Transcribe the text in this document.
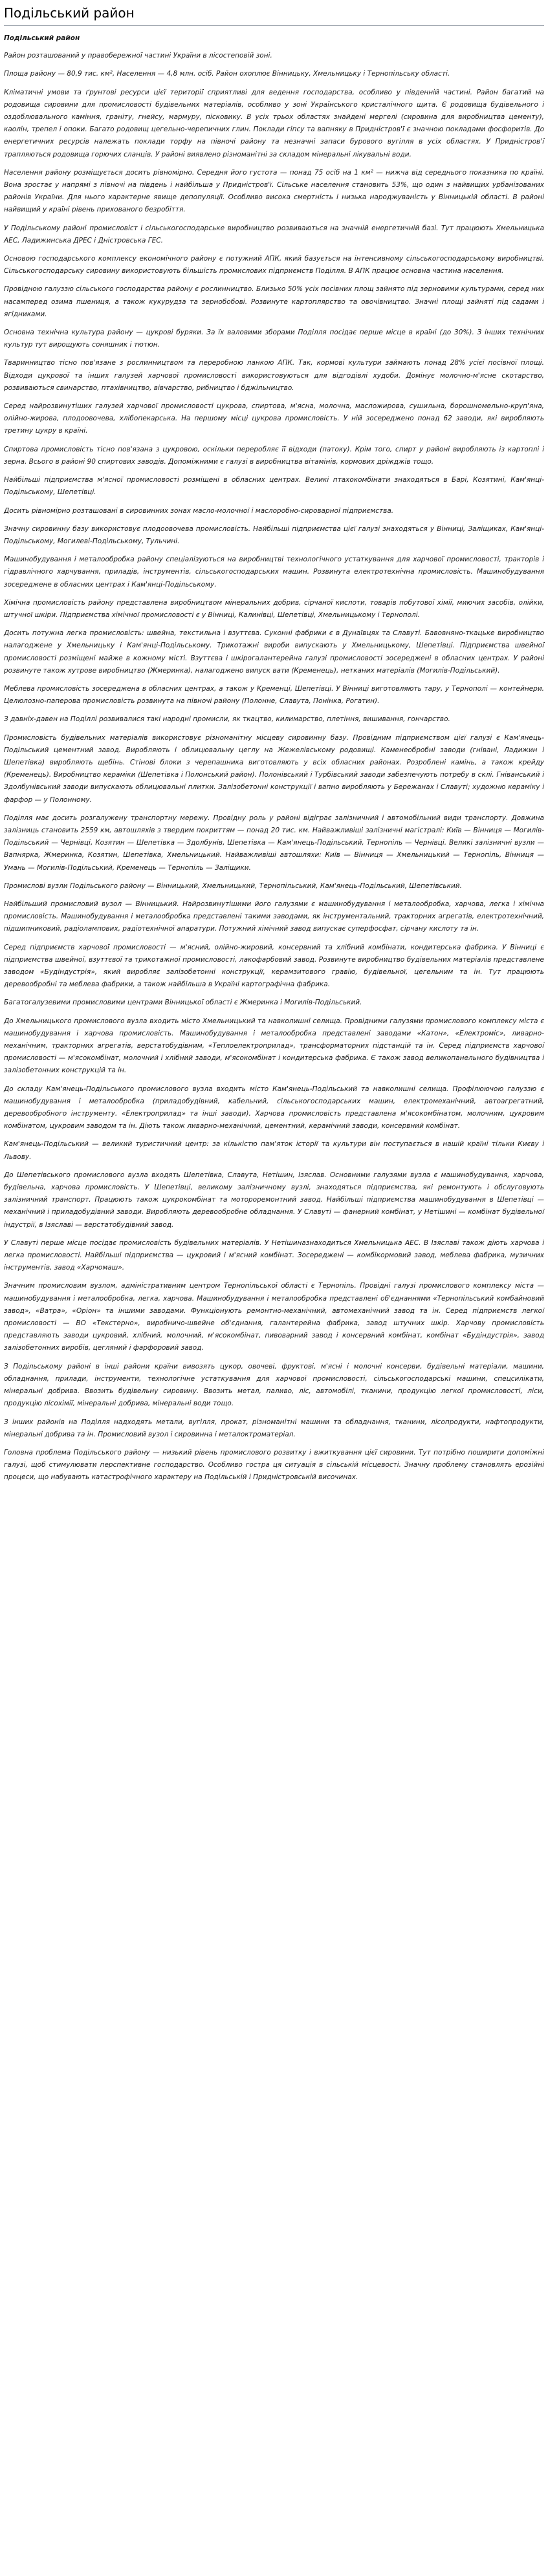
Подільський район
Подільський район

Район розташований у правобережної частині України в лісостеповій зоні.

Площа району — 80,9 тис. км², Населення — 4,8 млн. осіб. Район охоплює Вінницьку, Хмельницьку і Тернопільську області.

Кліматичні умови та ґрунтові ресурси цієї території сприятливі для ведення господарства, особливо у південній частині. Район багатий на родовища сировини для промисловості будівельних матеріалів, особливо у зоні Українського кристалічного щита. Є родовища будівельного і оздоблювального каміння, граніту, гнейсу, мармуру, пісковику. В усіх трьох областях знайдені мергелі (сировина для виробництва цементу), каолін, трепел і опоки. Багато родовищ цегельно-черепичних глин. Поклади гіпсу та вапняку в Придністров'ї є значною покладами фосфоритів. До енергетичних ресурсів належать поклади торфу на півночі району та незначні запаси бурового вугілля в усіх областях. У Придністров'ї трапляються родовища горючих сланців. У районі виявлено різноманітні за складом мінеральні лікувальні води.

Населення району розміщується досить рівномірно. Середня його густота — понад 75 осіб на 1 км² — нижча від середнього показника по країні. Вона зростає у напрямі з півночі на південь і найбільша у Придністров'ї. Сільське населення становить 53%, що один з найвищих урбанізованих районів України. Для нього характерне явище депопуляції. Особливо висока смертність і низька народжуваність у Вінницькій області. В районі найвищий у країні рівень прихованого безробіття.

У Подільському районі промисловіст і сільськогосподарське виробництво розвиваються на значній енергетичній базі. Тут працюють Хмельницька АЕС, Ладижинська ДРЕС і Дністровська ГЕС.

Основою господарського комплексу економічного району є потужний АПК, який базується на інтенсивному сільськогосподарському виробництві. Сільськогосподарську сировину використовують більшість промислових підприємств Поділля. В АПК працює основна частина населення.

Провідною галуззю сільського господарства району є рослинництво. Близько 50% усіх посівних площ зайнято під зерновими культурами, серед них насамперед озима пшениця, а також кукурудза та зернобобові. Розвинуте картоплярство та овочівництво. Значні площі зайняті під садами і ягідниками.

Основна технічна культура району — цукрові буряки. За їх валовими зборами Поділля посідає перше місце в країні (до 30%). З інших технічних культур тут вирощують соняшник і тютюн.

Тваринництво тісно пов'язане з рослинництвом та переробною ланкою АПК. Так, кормові культури займають понад 28% усієї посівної площі. Відходи цукрової та інших галузей харчової промисловості використовуються для відгодівлі худоби. Домінує молочно-м'ясне скотарство, розвиваються свинарство, птахівництво, вівчарство, рибництво і бджільництво.

Серед найрозвинутіших галузей харчової промисловості цукрова, спиртова, м'ясна, молочна, масложирова, сушильна, борошномельно-круп'яна, олійно-жирова, плодоовочева, хлібопекарська. На першому місці цукрова промисловість. У ній зосереджено понад 62 заводи, які виробляють третину цукру в країні.

Спиртова промисловість тісно пов'язана з цукровою, оскільки переробляє її відходи (патоку). Крім того, спирт у районі виробляють із картоплі і зерна. Всього в районі 90 спиртових заводів. Допоміжними є галузі в виробництва вітамінів, кормових дріжджів тощо.

Найбільші підприємства м'ясної промисловості розміщені в обласних центрах. Великі птахокомбінати знаходяться в Барі, Козятині, Кам'янці-Подільському, Шепетівці.

Досить рівномірно розташовані в сировинних зонах масло-молочної і маслоробно-сироварної підприємства.

Значну сировинну базу використовує плодоовочева промисловість. Найбільші підприємства цієї галузі знаходяться у Вінниці, Заліщиках, Кам'янці-Подільському, Могилеві-Подільському, Тульчині.

Машинобудування і металообробка району спеціалізуються на виробництві технологічного устаткування для харчової промисловості, тракторів і гідравлічного харчування, приладів, інструментів, сільськогосподарських машин. Розвинута електротехнічна промисловість. Машинобудування зосереджене в обласних центрах і Кам'янці-Подільському.

Хімічна промисловість району представлена виробництвом мінеральних добрив, сірчаної кислоти, товарів побутової хімії, миючих засобів, олійки, штучної шкіри. Підприємства хімічної промисловості є у Вінниці, Калинівці, Шепетівці, Хмельницькому і Тернополі.

Досить потужна легка промисловість: швейна, текстильна і взуттєва. Суконні фабрики є в Дунаївцях та Славуті. Бавовняно-ткацьке виробництво налагоджене у Хмельницьку і Кам'янці-Подільському. Трикотажні вироби випускають у Хмельницькому, Шепетівці. Підприємства швейної промисловості розміщені майже в кожному місті. Взуттєва і шкірогалантерейна галузі промисловості зосереджені в обласних центрах. У районі розвинуте також хутрове виробництво (Жмеринка), налагоджено випуск вати (Кременець), нетканих матеріалів (Могилів-Подільський).

Меблева промисловість зосереджена в обласних центрах, а також у Кременці, Шепетівці. У Вінниці виготовляють тару, у Тернополі — контейнери. Целюлозно-паперова промисловість розвинута на півночі району (Полонне, Славута, Понінка, Рогатин).

З давніх-давен на Поділлі розвивалися такі народні промисли, як ткацтво, килимарство, плетіння, вишивання, гончарство.

Промисловість будівельних матеріалів використовує різноманітну місцеву сировинну базу. Провідним підприємством цієї галузі є Кам'янець-Подільський цементний завод. Виробляють і облицювальну цеглу на Жежелівському родовищі. Каменеобробні заводи (гнівані, Ладижин і Шепетівка) виробляють щебінь. Стінові блоки з черепашника виготовляють у всіх обласних районах. Розроблені камінь, а також крейду (Кременець). Виробництво кераміки (Шепетівка і Полонський район). Полонівський і Турбівський заводи забезпечують потребу в склі. Гніванський і Здолбунівський заводи випускають облицювальні плитки. Залізобетонні конструкції і вапно виробляють у Бережанах і Славуті; художню кераміку і фарфор — у Полонному.

Поділля має досить розгалужену транспортну мережу. Провідну роль у районі відіграє залізничний і автомобільний види транспорту. Довжина залізниць становить 2559 км, автошляхів з твердим покриттям — понад 20 тис. км. Найважливіші залізничні магістралі: Київ — Вінниця — Могилів-Подільський — Чернівці, Козятин — Шепетівка — Здолбунів, Шепетівка — Кам'янець-Подільський, Тернопіль — Чернівці. Великі залізничні вузли — Вапнярка, Жмеринка, Козятин, Шепетівка, Хмельницький. Найважливіші автошляхи: Київ — Вінниця — Хмельницький — Тернопіль, Вінниця — Умань — Могилів-Подільський, Кременець — Тернопіль — Заліщики.

Промислові вузли Подільського району — Вінницький, Хмельницький, Тернопільський, Кам'янець-Подільський, Шепетівський.

Найбільший промисловий вузол — Вінницький. Найрозвинутішими його галузями є машинобудування і металообробка, харчова, легка і хімічна промисловість. Машинобудування і металообробка представлені такими заводами, як інструментальний, тракторних агрегатів, електротехнічний, підшипниковий, радіолампових, радіотехнічної апаратури. Потужний хімічний завод випускає суперфосфат, сірчану кислоту та ін.

Серед підприємств харчової промисловості — м'ясний, олійно-жировий, консервний та хлібний комбінати, кондитерська фабрика. У Вінниці є підприємства швейної, взуттєвої та трикотажної промисловості, лакофарбовий завод. Розвинуте виробництво будівельних матеріалів представлене заводом «Будіндустрія», який виробляє залізобетонні конструкції, керамзитового гравію, будівельної, цегельним та ін. Тут працюють деревообробні та меблева фабрики, а також найбільша в Україні картографічна фабрика.

Багатогалузевими промисловими центрами Вінницької області є Жмеринка і Могилів-Подільський.

До Хмельницького промислового вузла входить місто Хмельницький та навколишні селища. Провідними галузями промислового комплексу міста є машинобудування і харчова промисловість. Машинобудування і металообробка представлені заводами «Катон», «Електроміс», ливарно-механічним, тракторних агрегатів, верстатобудівним, «Теплоелектроприлад», трансформаторних підстанцій та ін. Серед підприємств харчової промисловості — м'ясокомбінат, молочний і хлібний заводи, м'ясокомбінат і кондитерська фабрика. Є також завод великопанельного будівництва і залізобетонних конструкцій та ін.

До складу Кам'янець-Подільського промислового вузла входить місто Кам'янець-Подільський та навколишні селища. Профілюючою галуззю є машинобудування і металообробка (приладобудівний, кабельний, сільськогосподарських машин, електромеханічний, автоагрегатний, деревообробного інструменту. «Електроприлад» та інші заводи). Харчова промисловість представлена м'ясокомбінатом, молочним, цукровим комбінатом, цукровим заводом та ін. Діють також ливарно-механічний, цементний, керамічний заводи, консервний комбінат.

Кам'янець-Подільський — великий туристичний центр: за кількістю пам'яток історії та культури він поступається в нашій країні тільки Києву і Львову.

До Шепетівського промислового вузла входять Шепетівка, Славута, Нетішин, Ізяслав. Основними галузями вузла є машинобудування, харчова, будівельна, харчова промисловість. У Шепетівці, великому залізничному вузлі, знаходяться підприємства, які ремонтують і обслуговують залізничний транспорт. Працюють також цукрокомбінат та мотороремонтний завод. Найбільші підприємства машинобудування в Шепетівці — механічний і приладобудівний заводи. Виробляють деревообробне обладнання. У Славуті — фанерний комбінат, у Нетішині — комбінат будівельної індустрії, в Ізяславі — верстатобудівний завод.

У Славуті перше місце посідає промисловість будівельних матеріалів. У Нетішиназнаходиться Хмельницька АЕС. В Ізяславі також діють харчова і легка промисловості. Найбільші підприємства — цукровий і м'ясний комбінат. Зосереджені — комбікормовий завод, меблева фабрика, музичних інструментів, завод «Харчомаш».

Значним промисловим вузлом, адміністративним центром Тернопільської області є Тернопіль. Провідні галузі промислового комплексу міста — машинобудування і металообробка, легка, харчова. Машинобудування і металообробка представлені об'єднаннями «Тернопільський комбайновий завод», «Ватра», «Оріон» та іншими заводами. Функціонують ремонтно-механічний, автомеханічний завод та ін. Серед підприємств легкої промисловості — ВО «Текстерно», виробничо-швейне об'єднання, галантерейна фабрика, завод штучних шкір. Харчову промисловість представляють заводи цукровий, хлібний, молочний, м'ясокомбінат, пивоварний завод і консервний комбінат, комбінат «Будіндустрія», завод залізобетонних виробів, цегляний і фарфоровий завод.

З Подільському районі в інші райони країни вивозять цукор, овочеві, фруктові, м'ясні і молочні консерви, будівельні матеріали, машини, обладнання, прилади, інструменти, технологічне устаткування для харчової промисловості, сільськогосподарські машини, спецсилікати, мінеральні добрива. Ввозить будівельну сировину. Ввозить метал, паливо, ліс, автомобілі, тканини, продукцію легкої промисловості, ліси, продукцію лісохімії, мінеральні добрива, мінеральні води тощо.

З інших районів на Поділля надходять метали, вугілля, прокат, різноманітні машини та обладнання, тканини, лісопродукти, нафтопродукти, мінеральні добрива та ін. Промисловий вузол і сировинна і металоктроматеріал.

Головна проблема Подільського району — низький рівень промислового розвитку і вжиткування цієї сировини. Тут потрібно поширити допоміжні галузі, щоб стимулювати перспективне господарство. Особливо гостра ця ситуація в сільській місцевості. Значну проблему становлять ерозійні процеси, що набувають катастрофічного характеру на Подільській і Придністровській височинах.
